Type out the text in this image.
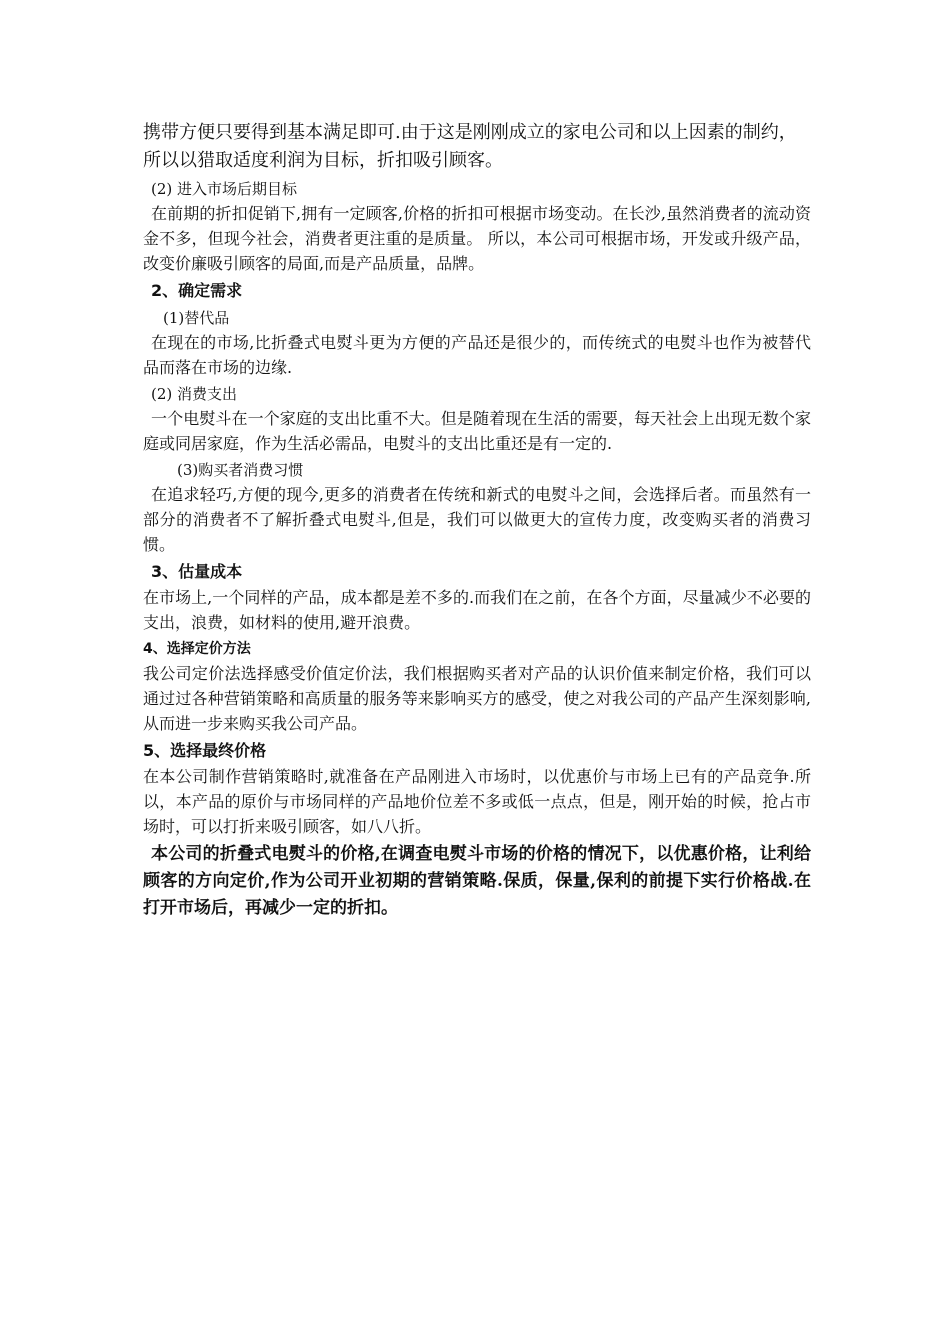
携带方便只要得到基本满足即可.由于这是刚刚成立的家电公司和以上因素的制约，所以以猎取适度利润为目标，折扣吸引顾客。

(2) 进入市场后期目标

在前期的折扣促销下,拥有一定顾客,价格的折扣可根据市场变动。在长沙,虽然消费者的流动资金不多，但现今社会，消费者更注重的是质量。 所以，本公司可根据市场，开发或升级产品，改变价廉吸引顾客的局面,而是产品质量，品牌。

2、确定需求

(1)替代品

在现在的市场,比折叠式电熨斗更为方便的产品还是很少的，而传统式的电熨斗也作为被替代品而落在市场的边缘.

(2) 消费支出

一个电熨斗在一个家庭的支出比重不大。但是随着现在生活的需要，每天社会上出现无数个家庭或同居家庭，作为生活必需品，电熨斗的支出比重还是有一定的.

(3)购买者消费习惯

在追求轻巧,方便的现今,更多的消费者在传统和新式的电熨斗之间，会选择后者。而虽然有一部分的消费者不了解折叠式电熨斗,但是，我们可以做更大的宣传力度，改变购买者的消费习惯。

3、估量成本

在市场上,一个同样的产品，成本都是差不多的.而我们在之前，在各个方面，尽量减少不必要的支出，浪费，如材料的使用,避开浪费。

4、选择定价方法

我公司定价法选择感受价值定价法，我们根据购买者对产品的认识价值来制定价格，我们可以通过过各种营销策略和高质量的服务等来影响买方的感受，使之对我公司的产品产生深刻影响,从而进一步来购买我公司产品。

5、选择最终价格

在本公司制作营销策略时,就准备在产品刚进入市场时，以优惠价与市场上已有的产品竞争.所以，本产品的原价与市场同样的产品地价位差不多或低一点点，但是，刚开始的时候，抢占市场时，可以打折来吸引顾客，如八八折。

本公司的折叠式电熨斗的价格,在调查电熨斗市场的价格的情况下，以优惠价格，让利给顾客的方向定价,作为公司开业初期的营销策略.保质，保量,保利的前提下实行价格战.在打开市场后，再减少一定的折扣。
